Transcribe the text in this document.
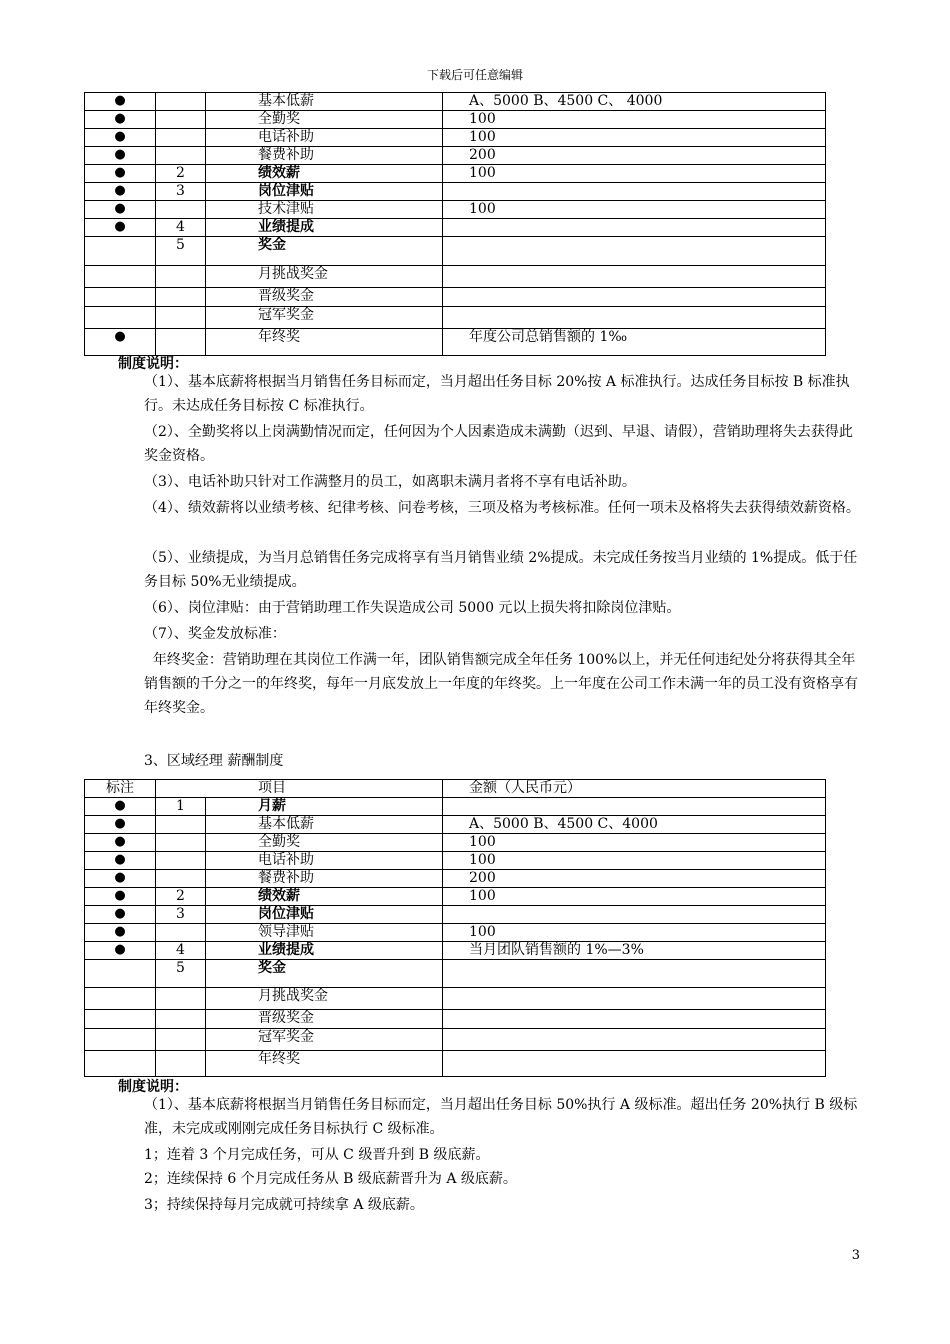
下载后可任意编辑
●		基本低薪	A、5000 B、4500 C、 4000
●		全勤奖	100
●		电话补助	100
●		餐费补助	200
●	2	绩效薪	100
●	3	岗位津贴	
●		技术津贴	100
●	4	业绩提成	
	5	奖金	
		月挑战奖金	
		晋级奖金	
		冠军奖金	
●		年终奖	年度公司总销售额的 1‰
制度说明：
（1）、基本底薪将根据当月销售任务目标而定，当月超出任务目标 20%按 A 标准执行。达成任务目标按 B 标准执行。未达成任务目标按 C 标准执行。
（2）、全勤奖将以上岗满勤情况而定，任何因为个人因素造成未满勤（迟到、早退、请假），营销助理将失去获得此奖金资格。
（3）、电话补助只针对工作满整月的员工，如离职未满月者将不享有电话补助。
（4）、绩效薪将以业绩考核、纪律考核、问卷考核，三项及格为考核标准。任何一项未及格将失去获得绩效薪资格。
（5）、业绩提成，为当月总销售任务完成将享有当月销售业绩 2%提成。未完成任务按当月业绩的 1%提成。低于任务目标 50%无业绩提成。
（6）、岗位津贴：由于营销助理工作失误造成公司 5000 元以上损失将扣除岗位津贴。
（7）、奖金发放标准：
年终奖金：营销助理在其岗位工作满一年，团队销售额完成全年任务 100%以上，并无任何违纪处分将获得其全年销售额的千分之一的年终奖，每年一月底发放上一年度的年终奖。上一年度在公司工作未满一年的员工没有资格享有年终奖金。
3、区域经理 薪酬制度
标注	项目		金额（人民币元）
●	1	月薪	
●		基本低薪	A、5000 B、4500 C、4000
●		全勤奖	100
●		电话补助	100
●		餐费补助	200
●	2	绩效薪	100
●	3	岗位津贴	
●		领导津贴	100
●	4	业绩提成	当月团队销售额的 1%—3%
	5	奖金	
		月挑战奖金	
		晋级奖金	
		冠军奖金	
		年终奖	
制度说明：
（1）、基本底薪将根据当月销售任务目标而定，当月超出任务目标 50%执行 A 级标准。超出任务 20%执行 B 级标准，未完成或刚刚完成任务目标执行 C 级标准。
1；连着 3 个月完成任务，可从 C 级晋升到 B 级底薪。
2；连续保持 6 个月完成任务从 B 级底薪晋升为 A 级底薪。
3；持续保持每月完成就可持续拿 A 级底薪。
3
